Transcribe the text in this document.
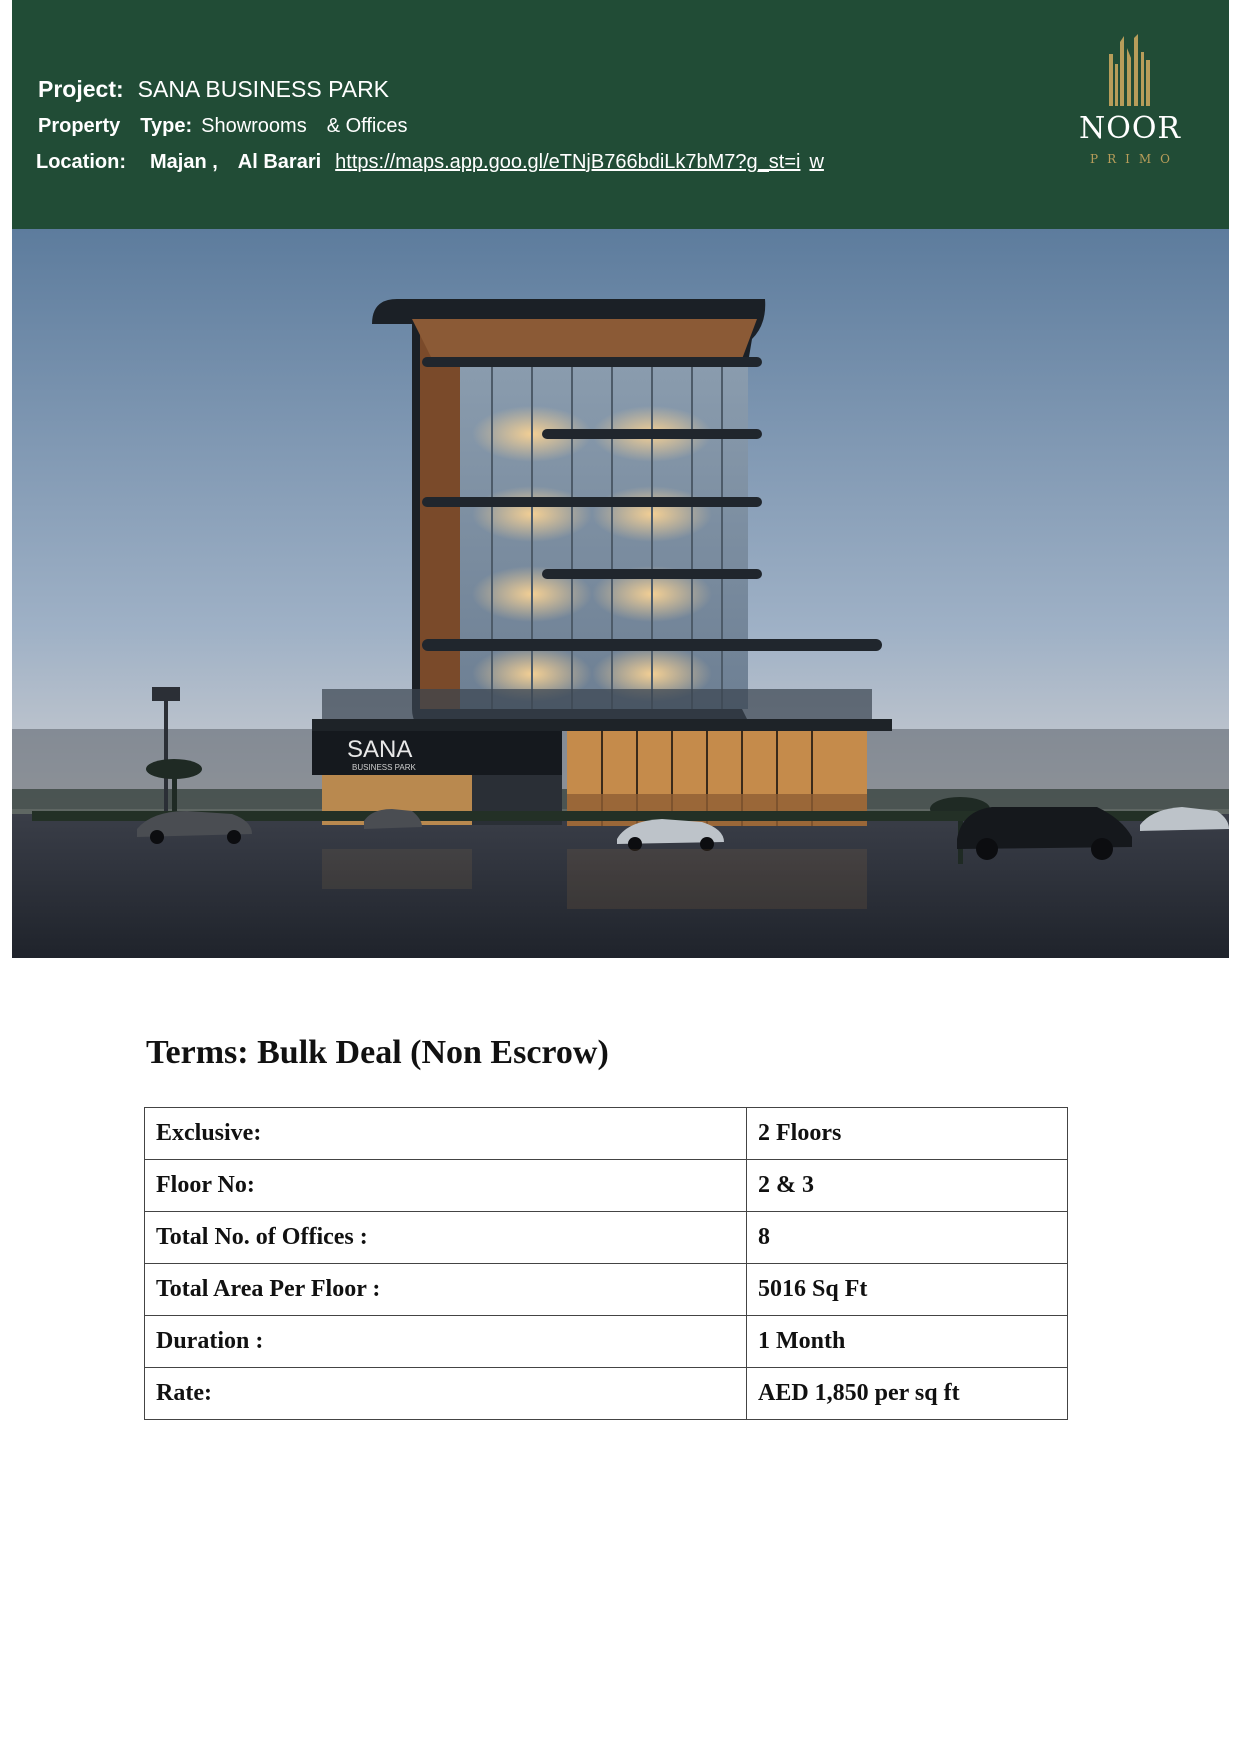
Project: SANA BUSINESS PARK
Property Type: Showrooms & Offices
Location: Majan , Al Barari https://maps.app.goo.gl/eTNjB766bdiLk7bM7?g_st=i w
NOOR
PRIMO
SANA
BUSINESS PARK
Terms: Bulk Deal (Non Escrow)
Exclusive:	2 Floors
Floor No:	2 & 3
Total No. of Offices :	8
Total Area Per Floor :	5016 Sq Ft
Duration :	1 Month
Rate:	AED 1,850 per sq ft
